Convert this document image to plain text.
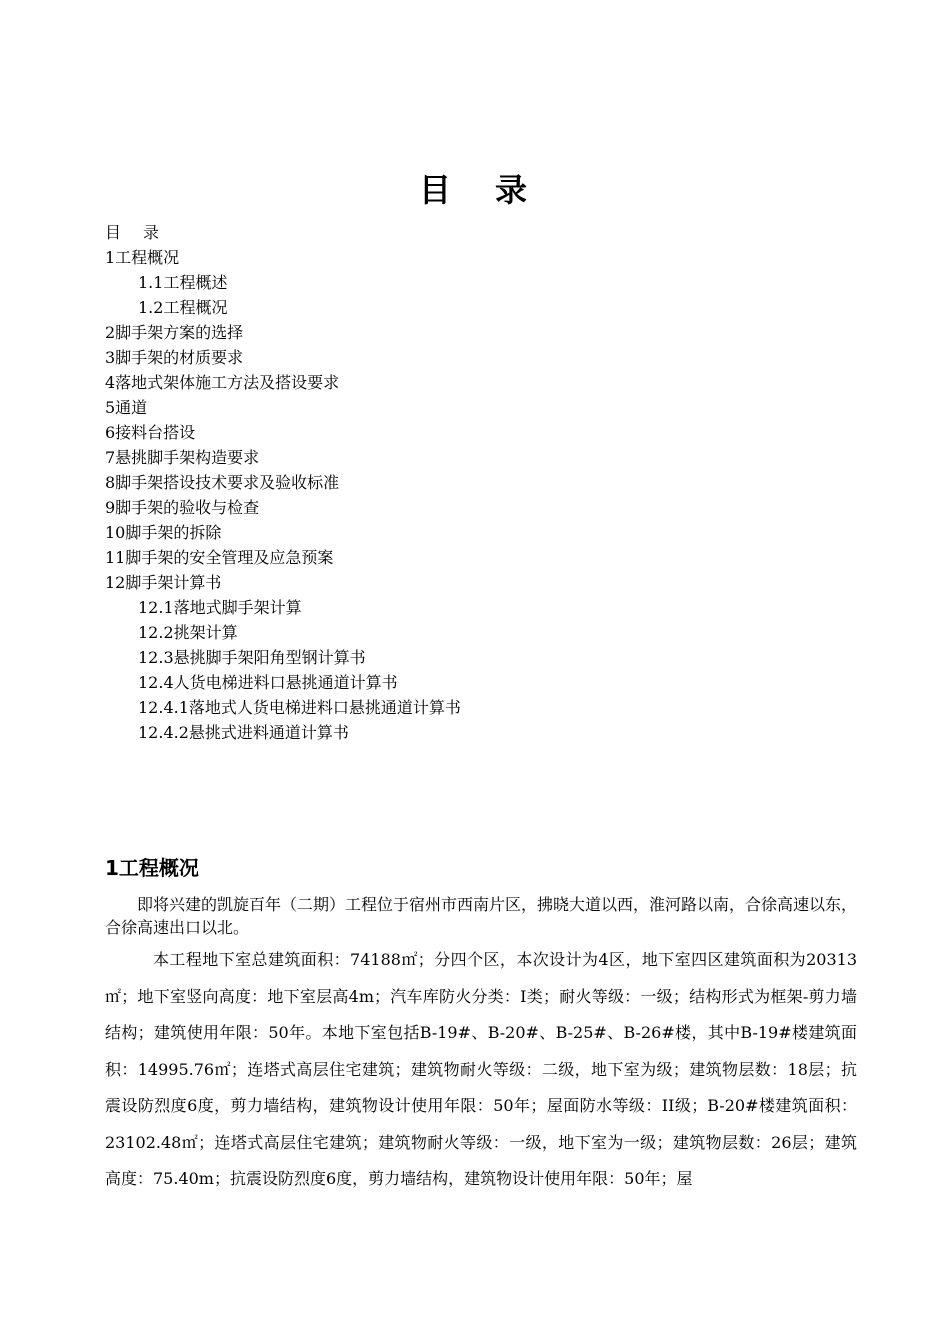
目 录
目 录
1工程概况
1.1工程概述
1.2工程概况
2脚手架方案的选择
3脚手架的材质要求
4落地式架体施工方法及搭设要求
5通道
6接料台搭设
7悬挑脚手架构造要求
8脚手架搭设技术要求及验收标准
9脚手架的验收与检查
10脚手架的拆除
11脚手架的安全管理及应急预案
12脚手架计算书
12.1落地式脚手架计算
12.2挑架计算
12.3悬挑脚手架阳角型钢计算书
12.4人货电梯进料口悬挑通道计算书
12.4.1落地式人货电梯进料口悬挑通道计算书
12.4.2悬挑式进料通道计算书
1工程概况
即将兴建的凯旋百年（二期）工程位于宿州市西南片区，拂晓大道以西，淮河路以南，合徐高速以东，合徐高速出口以北。
本工程地下室总建筑面积：74188㎡；分四个区，本次设计为4区，地下室四区建筑面积为20313㎡；地下室竖向高度：地下室层高4m；汽车库防火分类：I类；耐火等级：一级；结构形式为框架-剪力墙结构；建筑使用年限：50年。本地下室包括B-19#、B-20#、B-25#、B-26#楼，其中B-19#楼建筑面积：14995.76㎡；连塔式高层住宅建筑；建筑物耐火等级：二级，地下室为级；建筑物层数：18层；抗震设防烈度6度，剪力墙结构，建筑物设计使用年限：50年；屋面防水等级：II级；B-20#楼建筑面积：23102.48㎡；连塔式高层住宅建筑；建筑物耐火等级：一级，地下室为一级；建筑物层数：26层；建筑高度：75.40m；抗震设防烈度6度，剪力墙结构，建筑物设计使用年限：50年；屋
